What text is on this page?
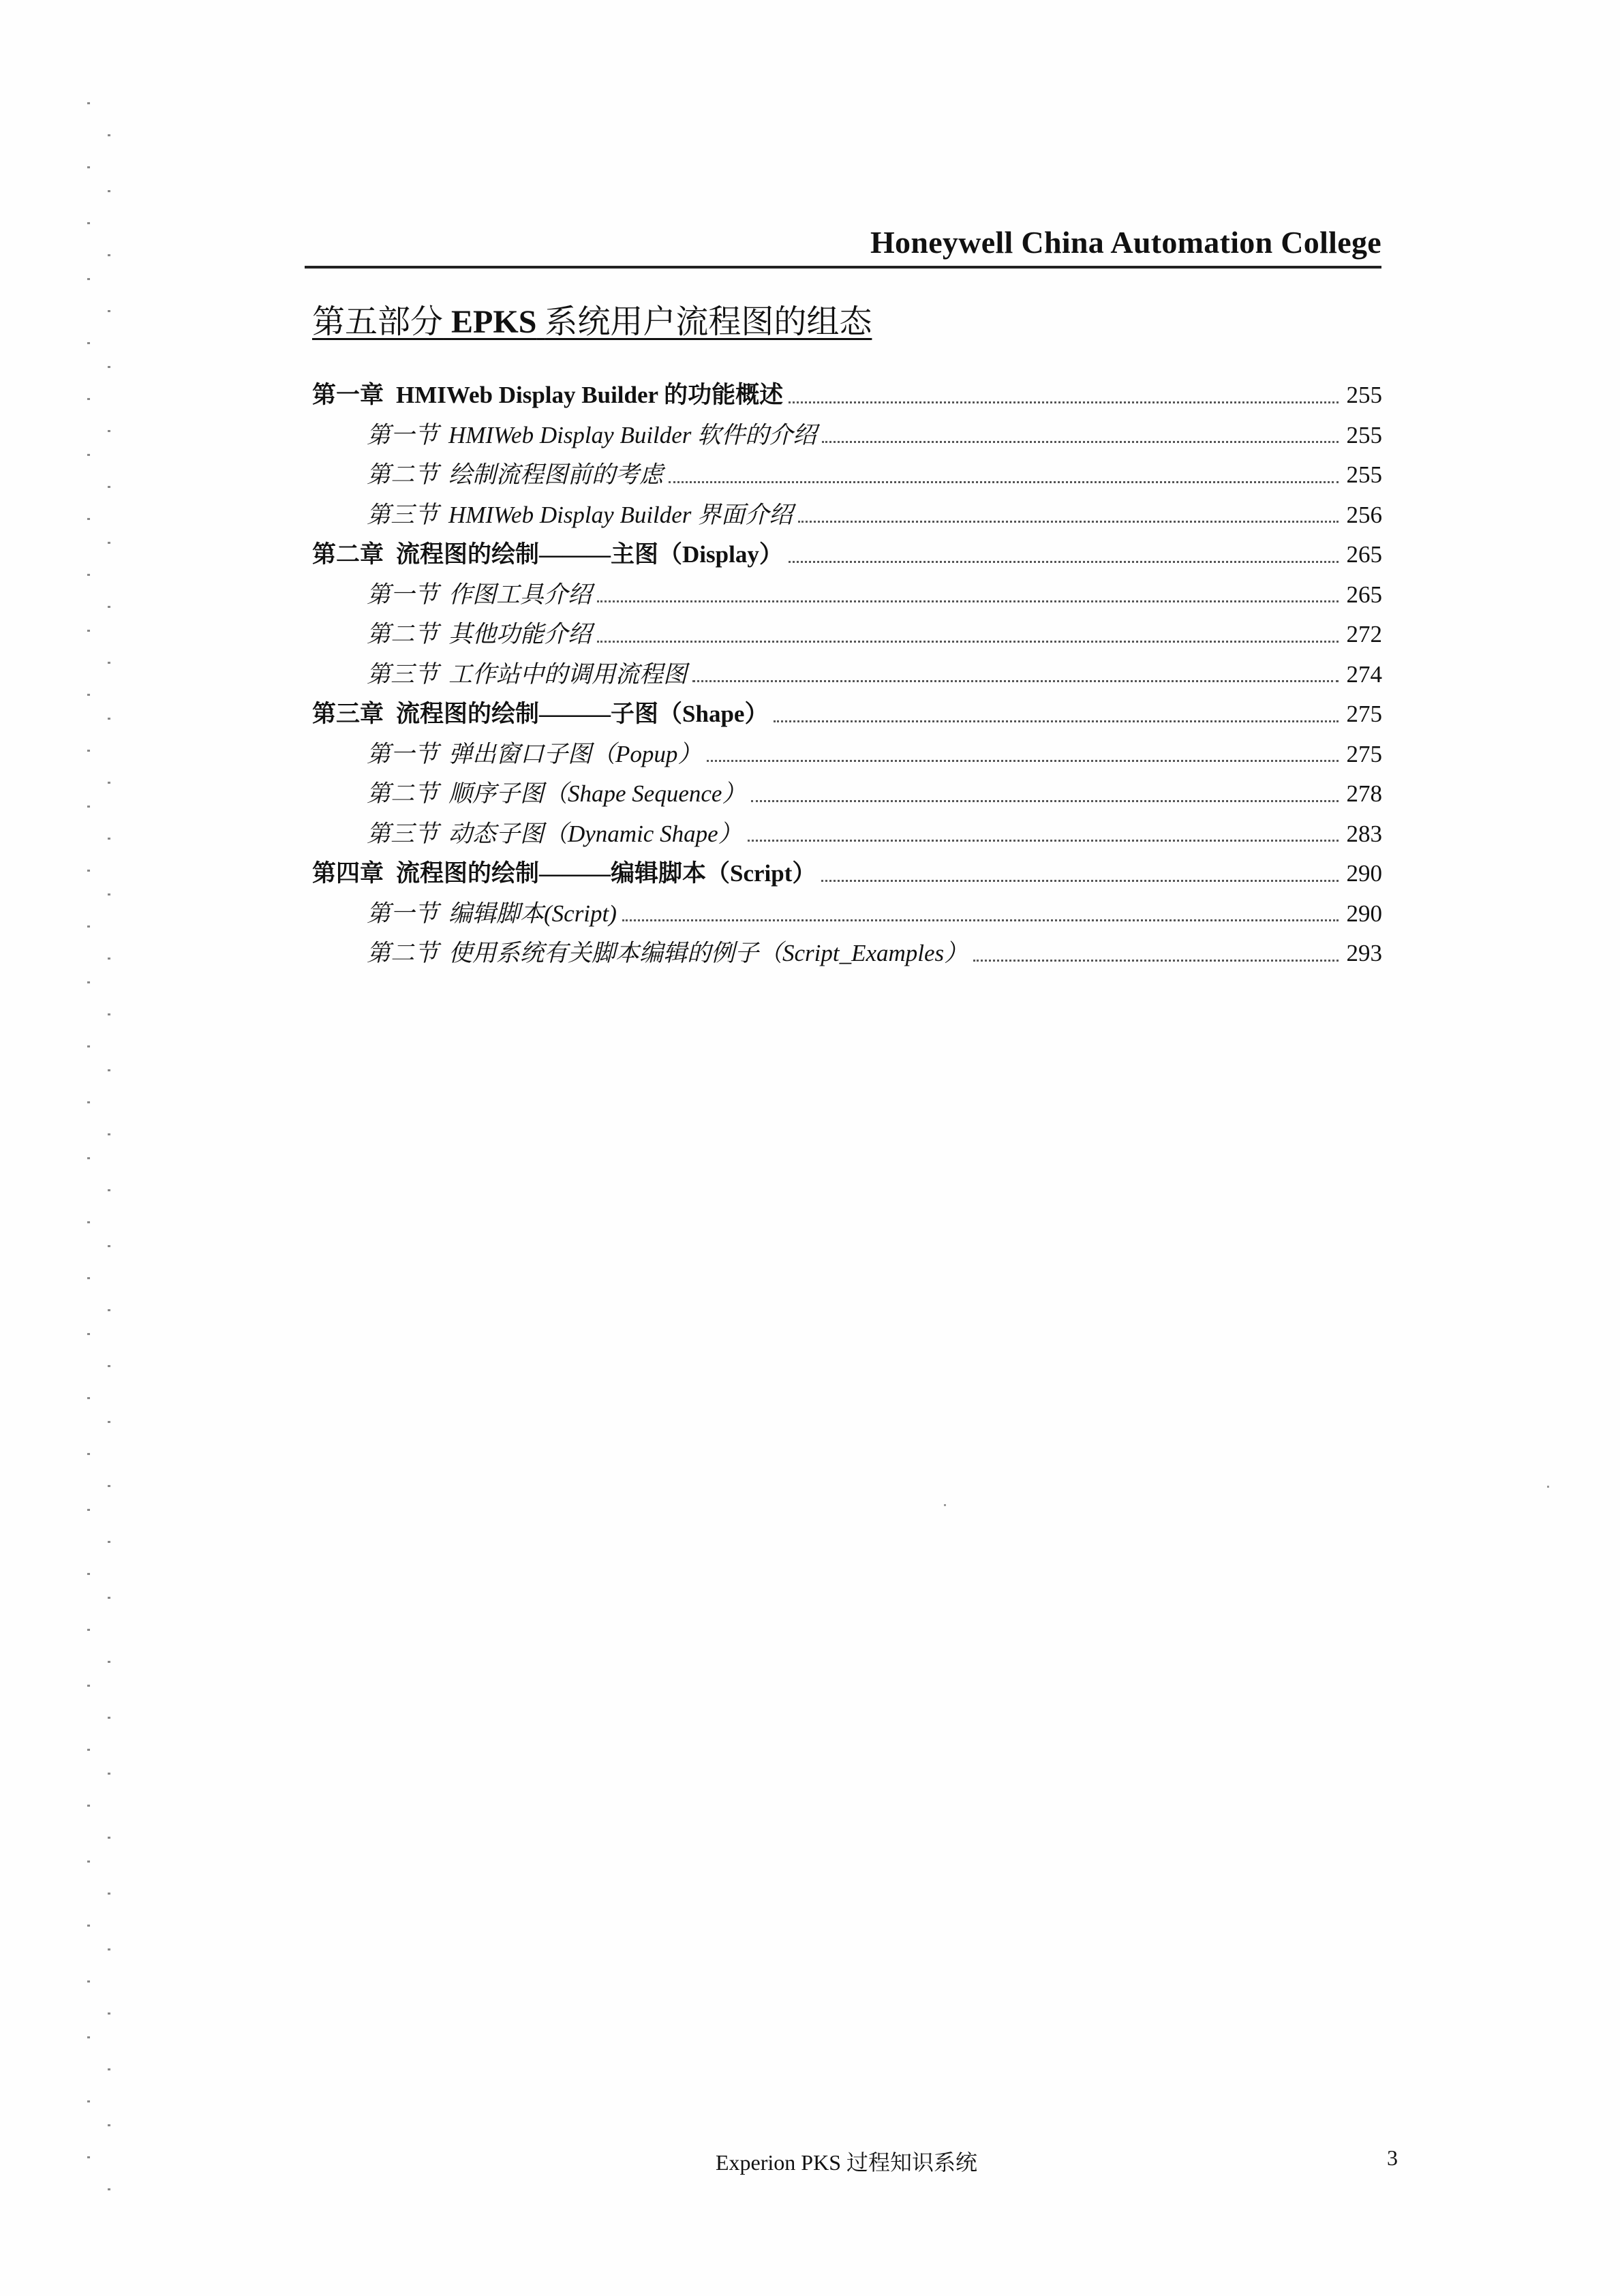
Honeywell China Automation College
第五部分 EPKS 系统用户流程图的组态
第一章 HMIWeb Display Builder 的功能概述	255
第一节 HMIWeb Display Builder 软件的介绍	255
第二节 绘制流程图前的考虑	255
第三节 HMIWeb Display Builder 界面介绍	256
第二章 流程图的绘制———主图（Display）	265
第一节 作图工具介绍	265
第二节 其他功能介绍	272
第三节 工作站中的调用流程图	274
第三章 流程图的绘制———子图（Shape）	275
第一节 弹出窗口子图（Popup）	275
第二节 顺序子图（Shape Sequence）	278
第三节 动态子图（Dynamic Shape）	283
第四章 流程图的绘制———编辑脚本（Script）	290
第一节 编辑脚本(Script)	290
第二节 使用系统有关脚本编辑的例子（Script_Examples）	293
Experion PKS 过程知识系统	3
